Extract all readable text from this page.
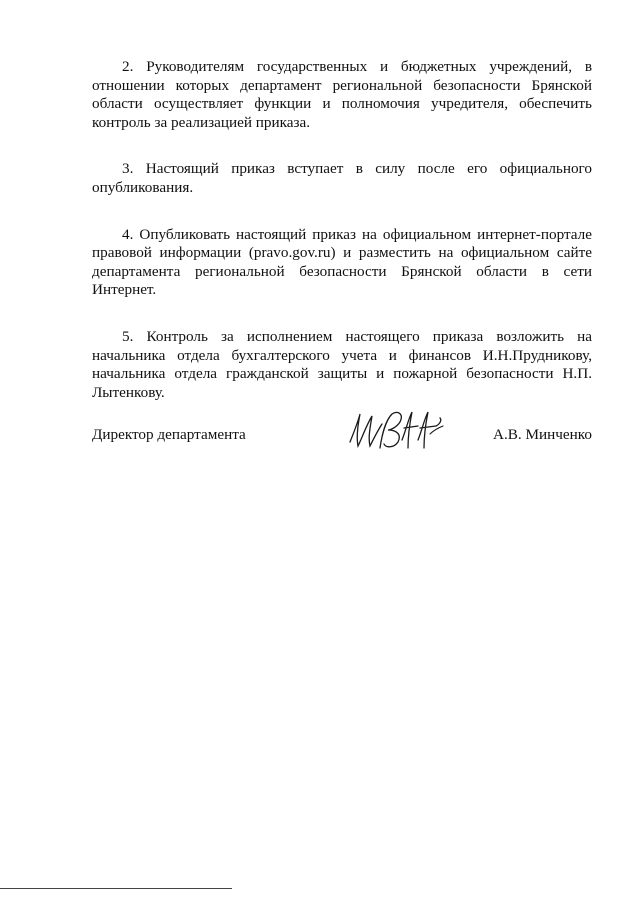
2. Руководителям государственных и бюджетных учреждений, в отношении которых департамент региональной безопасности Брянской области осуществляет функции и полномочия учредителя, обеспечить контроль за реализацией приказа.

3. Настоящий приказ вступает в силу после его официального опубликования.

4. Опубликовать настоящий приказ на официальном интернет-портале правовой информации (pravo.gov.ru) и разместить на официальном сайте департамента региональной безопасности Брянской области в сети Интернет.

5. Контроль за исполнением настоящего приказа возложить на начальника отдела бухгалтерского учета и финансов И.Н.Прудникову, начальника отдела гражданской защиты и пожарной безопасности Н.П. Лытенкову.

Директор департамента	А.В. Минченко
